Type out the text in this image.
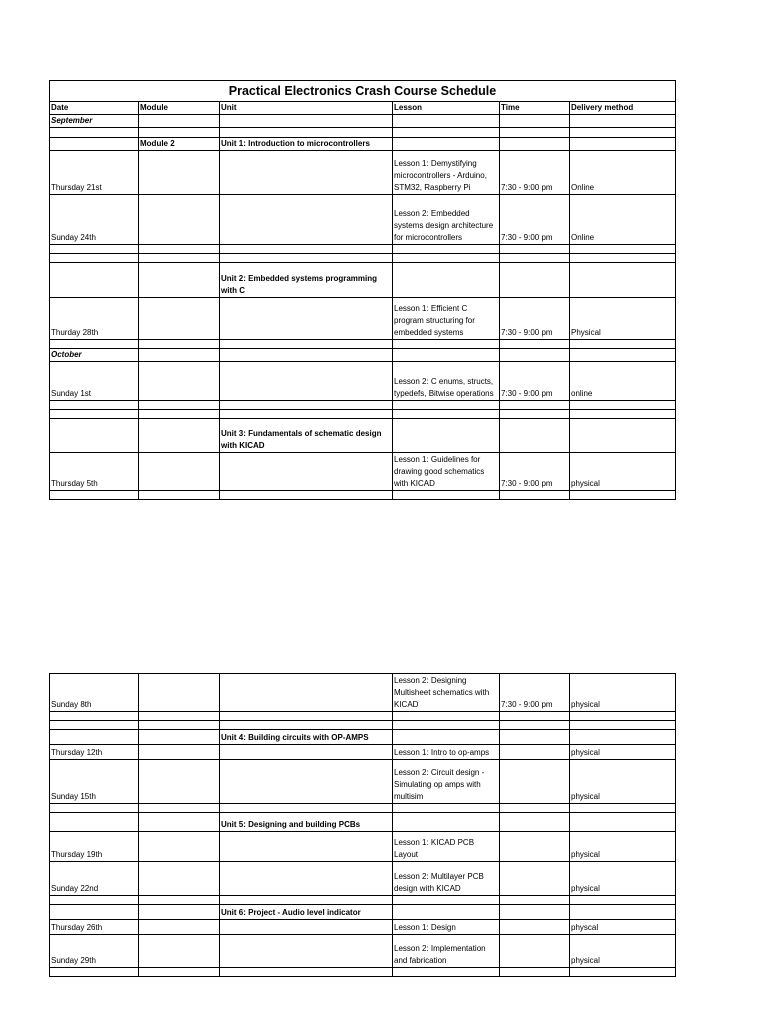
Practical Electronics Crash Course Schedule					
Date	Module	Unit	Lesson	Time	Delivery method
September					

	Module 2	Unit 1: Introduction to microcontrollers			
Thursday 21st			Lesson 1: Demystifying microcontrollers - Arduino, STM32, Raspberry Pi	7:30 - 9:00 pm	Online
Sunday 24th			Lesson 2: Embedded systems design architecture for microcontrollers	7:30 - 9:00 pm	Online

		Unit 2: Embedded systems programming with C			
Thurday 28th			Lesson 1: Efficient C program structuring for embedded systems	7:30 - 9:00 pm	Physical

October					
Sunday 1st			Lesson 2: C enums, structs, typedefs, Bitwise operations	7:30 - 9:00 pm	online

		Unit 3: Fundamentals of schematic design with KICAD			
Thursday 5th			Lesson 1: Guidelines for drawing good schematics with KICAD	7:30 - 9:00 pm	physical

Sunday 8th			Lesson 2: Designing Multisheet schematics with KICAD	7:30 - 9:00 pm	physical

		Unit 4: Building circuits with OP-AMPS			
Thursday 12th			Lesson 1: Intro to op-amps		physical
Sunday 15th			Lesson 2: Circuit design - Simulating op amps with multisim		physical

		Unit 5: Designing and building PCBs			
Thursday 19th			Lesson 1: KICAD PCB Layout		physical
Sunday 22nd			Lesson 2: Multilayer PCB design with KICAD		physical

		Unit 6: Project - Audio level indicator			
Thursday 26th			Lesson 1: Design		physcal
Sunday 29th			Lesson 2: Implementation and fabrication		physical
